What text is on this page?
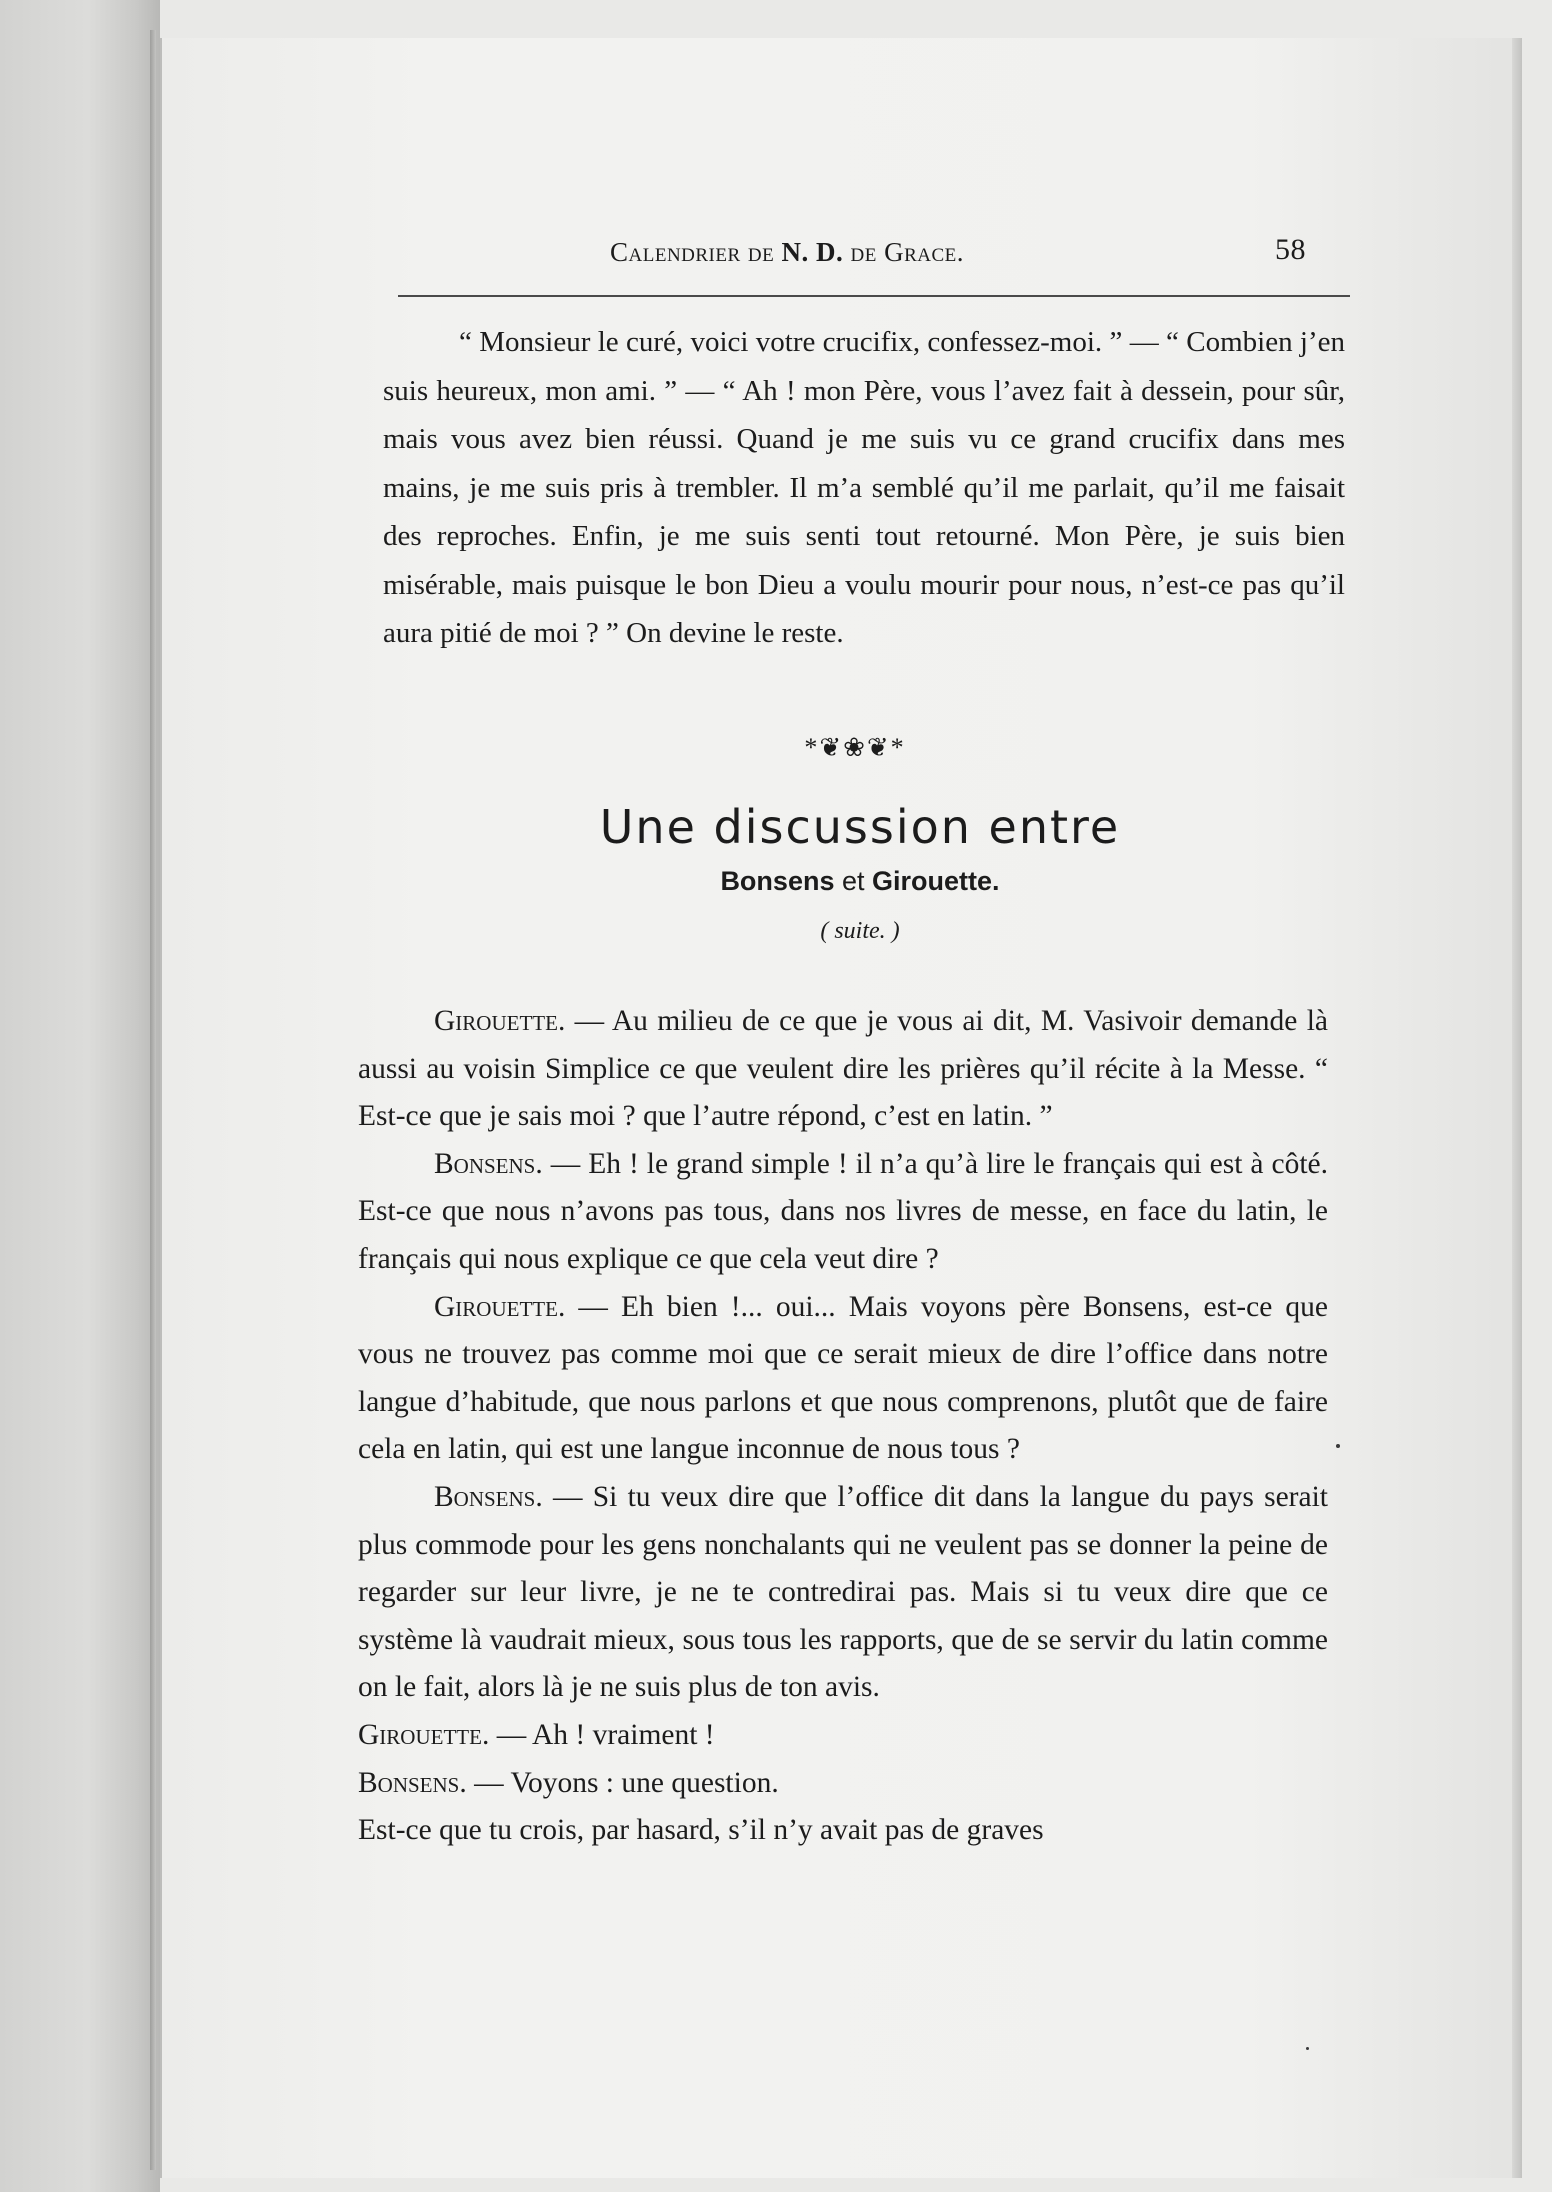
Calendrier de N. D. de Grace.	58

“ Monsieur le curé, voici votre crucifix, confessez-moi. ” — “ Combien j’en suis heureux, mon ami. ” — “ Ah ! mon Père, vous l’avez fait à dessein, pour sûr, mais vous avez bien réussi. Quand je me suis vu ce grand crucifix dans mes mains, je me suis pris à trembler. Il m’a semblé qu’il me parlait, qu’il me faisait des reproches. Enfin, je me suis senti tout retourné. Mon Père, je suis bien misérable, mais puisque le bon Dieu a voulu mourir pour nous, n’est-ce pas qu’il aura pitié de moi ? ” On devine le reste.

*❦❀❦*
Une discussion entre
Bonsens et Girouette.
( suite. )

Girouette. — Au milieu de ce que je vous ai dit, M. Vasivoir demande là aussi au voisin Simplice ce que veulent dire les prières qu’il récite à la Messe. “ Est-ce que je sais moi ? que l’autre répond, c’est en latin. ”

Bonsens. — Eh ! le grand simple ! il n’a qu’à lire le français qui est à côté. Est-ce que nous n’avons pas tous, dans nos livres de messe, en face du latin, le français qui nous explique ce que cela veut dire ?

Girouette. — Eh bien !... oui... Mais voyons père Bonsens, est-ce que vous ne trouvez pas comme moi que ce serait mieux de dire l’office dans notre langue d’habitude, que nous parlons et que nous comprenons, plutôt que de faire cela en latin, qui est une langue inconnue de nous tous ?

Bonsens. — Si tu veux dire que l’office dit dans la langue du pays serait plus commode pour les gens nonchalants qui ne veulent pas se donner la peine de regarder sur leur livre, je ne te contredirai pas. Mais si tu veux dire que ce système là vaudrait mieux, sous tous les rapports, que de se servir du latin comme on le fait, alors là je ne suis plus de ton avis.

Girouette. — Ah ! vraiment !

Bonsens. — Voyons : une question.

Est-ce que tu crois, par hasard, s’il n’y avait pas de graves
